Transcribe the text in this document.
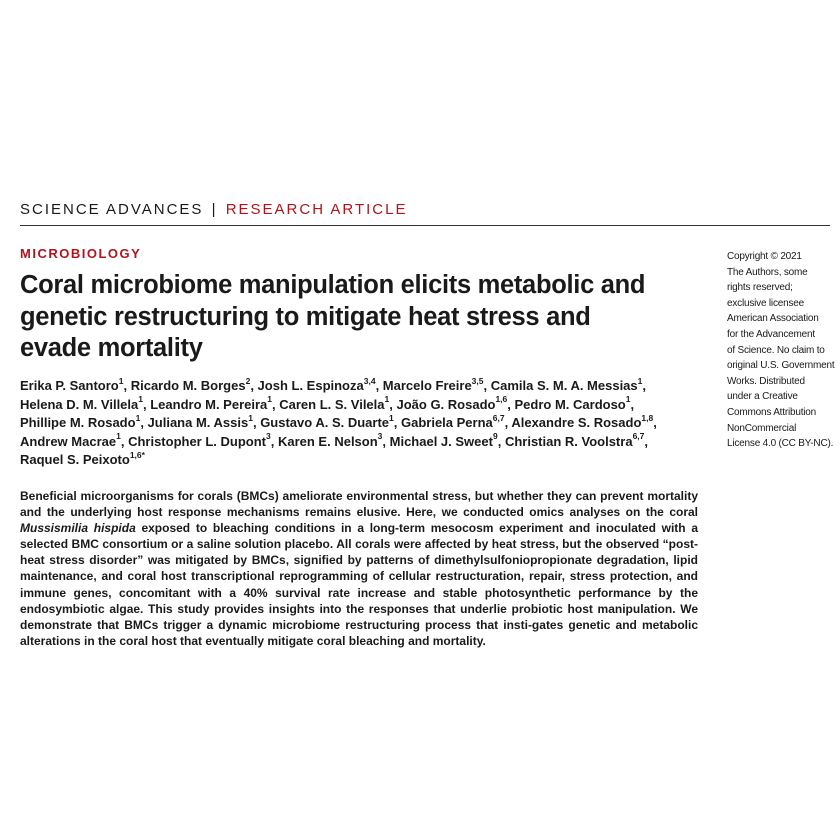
SCIENCE ADVANCES | RESEARCH ARTICLE
MICROBIOLOGY
Coral microbiome manipulation elicits metabolic and genetic restructuring to mitigate heat stress and evade mortality

Erika P. Santoro$^1$, Ricardo M. Borges$^2$, Josh L. Espinoza$^{3,4}$, Marcelo Freire$^{3,5}$, Camila S. M. A. Messias$^1$, Helena D. M. Villela$^1$, Leandro M. Pereira$^1$, Caren L. S. Vilela$^1$, João G. Rosado$^{1,6}$, Pedro M. Cardoso$^1$, Phillipe M. Rosado$^1$, Juliana M. Assis$^1$, Gustavo A. S. Duarte$^1$, Gabriela Perna$^{6,7}$, Alexandre S. Rosado$^{1,8}$, Andrew Macrae$^1$, Christopher L. Dupont$^3$, Karen E. Nelson$^3$, Michael J. Sweet$^9$, Christian R. Voolstra$^{6,7}$, Raquel S. Peixoto$^{1,6*}$

Beneficial microorganisms for corals (BMCs) ameliorate environmental stress, but whether they can prevent mortality and the underlying host response mechanisms remains elusive. Here, we conducted omics analyses on the coral Mussismilia hispida exposed to bleaching conditions in a long-term mesocosm experiment and inoculated with a selected BMC consortium or a saline solution placebo. All corals were affected by heat stress, but the observed “post-heat stress disorder” was mitigated by BMCs, signified by patterns of dimethylsulfoniopropionate degradation, lipid maintenance, and coral host transcriptional reprogramming of cellular restructuration, repair, stress protection, and immune genes, concomitant with a 40% survival rate increase and stable photosynthetic performance by the endosymbiotic algae. This study provides insights into the responses that underlie probiotic host manipulation. We demonstrate that BMCs trigger a dynamic microbiome restructuring process that insti-gates genetic and metabolic alterations in the coral host that eventually mitigate coral bleaching and mortality.

Copyright © 2021
The Authors, some
rights reserved;
exclusive licensee
American Association
for the Advancement
of Science. No claim to
original U.S. Government
Works. Distributed
under a Creative
Commons Attribution
NonCommercial
License 4.0 (CC BY-NC).
